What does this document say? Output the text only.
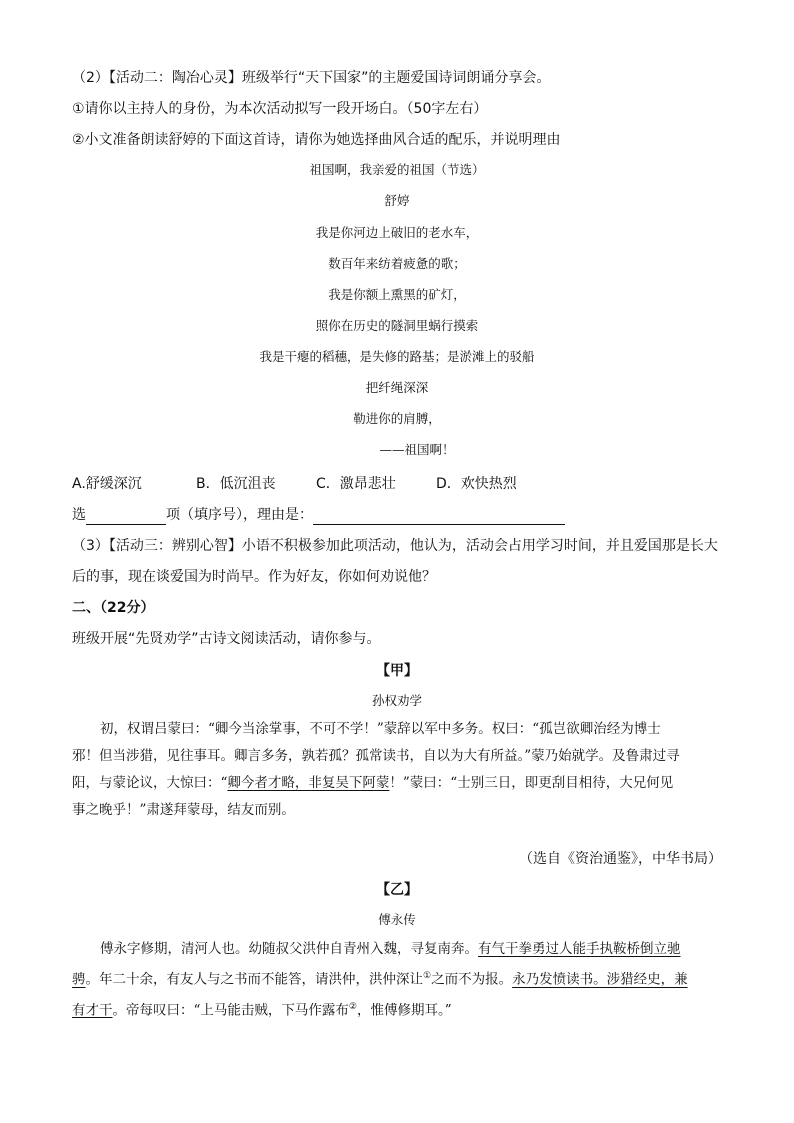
（2）【活动二：陶冶心灵】班级举行“天下国家”的主题爱国诗词朗诵分享会。
①请你以主持人的身份，为本次活动拟写一段开场白。（50字左右）
②小文准备朗读舒婷的下面这首诗，请你为她选择曲风合适的配乐，并说明理由
祖国啊，我亲爱的祖国（节选）
舒婷
我是你河边上破旧的老水车，
数百年来纺着疲惫的歌；
我是你额上熏黑的矿灯，
照你在历史的隧洞里蜗行摸索
我是干瘪的稻穗，是失修的路基；是淤滩上的驳船
把纤绳深深
勒进你的肩膊，
——祖国啊！
A.舒缓深沉	B．低沉沮丧	C．激昂悲壮	D．欢快热烈
选	项（填序号），理由是：
（3）【活动三：辨别心智】小语不积极参加此项活动，他认为，活动会占用学习时间，并且爱国那是长大
后的事，现在谈爱国为时尚早。作为好友，你如何劝说他？
二、（22分）
班级开展“先贤劝学”古诗文阅读活动，请你参与。
【甲】
孙权劝学
初，权谓吕蒙曰：“卿今当涂掌事，不可不学！”蒙辞以军中多务。权曰：“孤岂欲卿治经为博士
邪！但当涉猎，见往事耳。卿言多务，孰若孤？孤常读书，自以为大有所益。”蒙乃始就学。及鲁肃过寻
阳，与蒙论议，大惊曰：“卿今者才略，非复吴下阿蒙！”蒙曰：“士别三日，即更刮目相待，大兄何见
事之晚乎！”肃遂拜蒙母，结友而别。
（选自《资治通鉴》，中华书局）
【乙】
傅永传
傅永字修期，清河人也。幼随叔父洪仲自青州入魏，寻复南奔。有气干拳勇过人能手执鞍桥倒立驰
骋。年二十余，有友人与之书而不能答，请洪仲，洪仲深让①之而不为报。永乃发愤读书。涉猎经史，兼
有才干。帝每叹曰：“上马能击贼，下马作露布②，惟傅修期耳。”
